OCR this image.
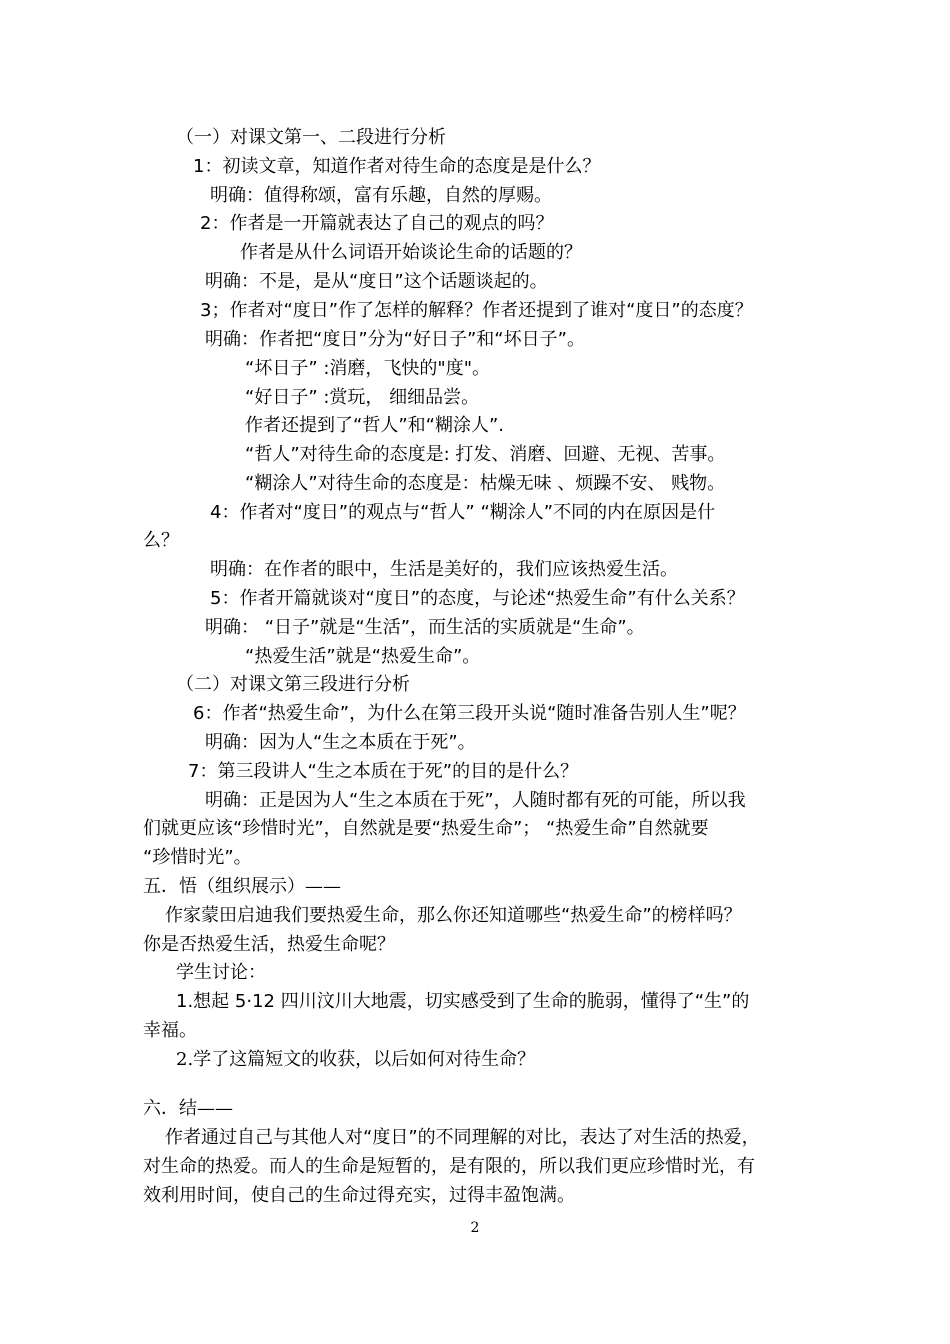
（一）对课文第一、二段进行分析
1：初读文章，知道作者对待生命的态度是是什么？
明确：值得称颂，富有乐趣，自然的厚赐。
2：作者是一开篇就表达了自己的观点的吗？
作者是从什么词语开始谈论生命的话题的？
明确：不是，是从“度日”这个话题谈起的。
3；作者对“度日”作了怎样的解释？作者还提到了谁对“度日”的态度？
明确：作者把“度日”分为“好日子”和“坏日子”。
“坏日子” :消磨，飞快的"度"。
“好日子” :赏玩， 细细品尝。
作者还提到了“哲人”和“糊涂人”.
“哲人”对待生命的态度是: 打发、消磨、回避、无视、苦事。
“糊涂人”对待生命的态度是：枯燥无味 、烦躁不安、 贱物。
4：作者对“度日”的观点与“哲人” “糊涂人”不同的内在原因是什
么？
明确：在作者的眼中，生活是美好的，我们应该热爱生活。
5：作者开篇就谈对“度日”的态度，与论述“热爱生命”有什么关系？
明确： “日子”就是“生活”，而生活的实质就是“生命”。
“热爱生活”就是“热爱生命”。
（二）对课文第三段进行分析
6：作者“热爱生命”，为什么在第三段开头说“随时准备告别人生”呢？
明确：因为人“生之本质在于死”。
7：第三段讲人“生之本质在于死”的目的是什么？
明确：正是因为人“生之本质在于死”，人随时都有死的可能，所以我
们就更应该“珍惜时光”，自然就是要“热爱生命”； “热爱生命”自然就要
“珍惜时光”。
五．悟（组织展示）——
作家蒙田启迪我们要热爱生命，那么你还知道哪些“热爱生命”的榜样吗？
你是否热爱生活，热爱生命呢？
学生讨论：
1.想起 5·12 四川汶川大地震，切实感受到了生命的脆弱，懂得了“生”的
幸福。
2.学了这篇短文的收获，以后如何对待生命？
六．结——
作者通过自己与其他人对“度日”的不同理解的对比，表达了对生活的热爱，
对生命的热爱。而人的生命是短暂的，是有限的，所以我们更应珍惜时光，有
效利用时间，使自己的生命过得充实，过得丰盈饱满。
2
